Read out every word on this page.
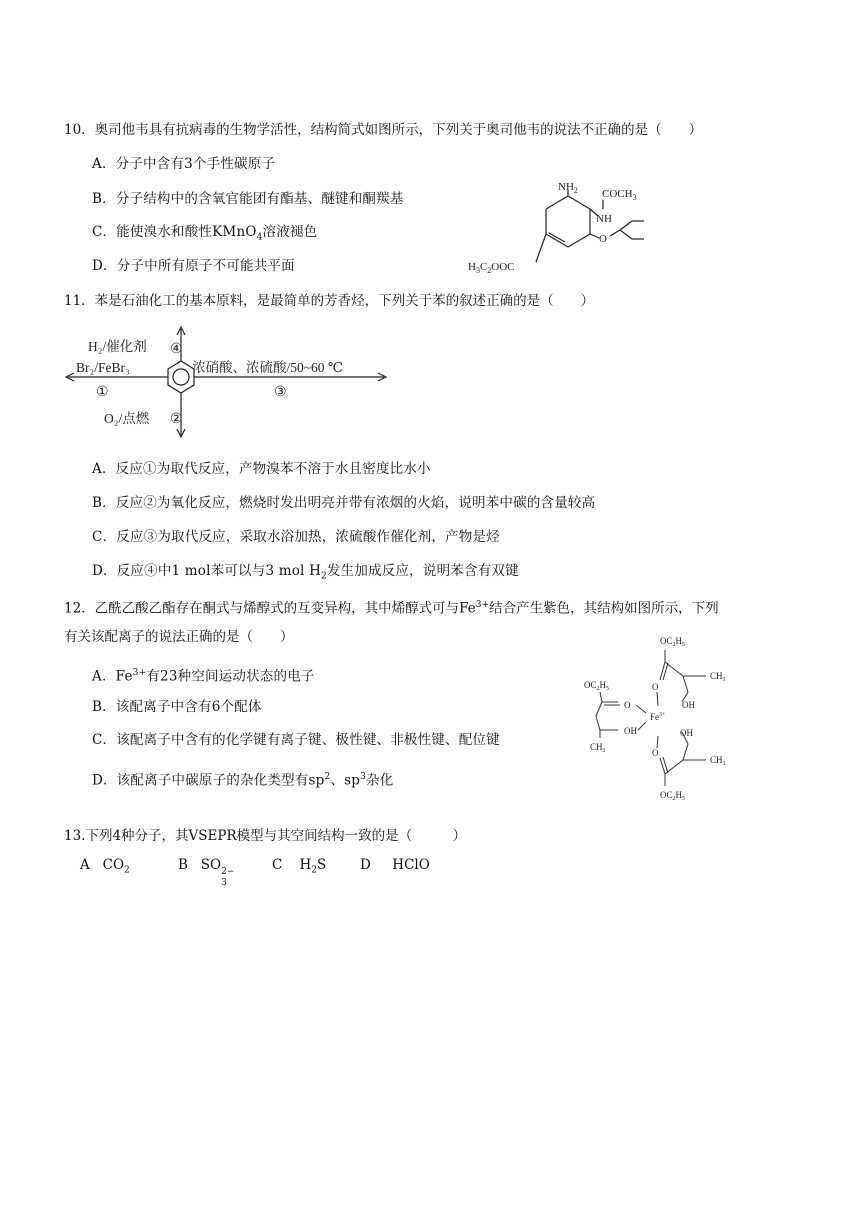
10．奥司他韦具有抗病毒的生物学活性，结构简式如图所示，下列关于奥司他韦的说法不正确的是（　　）
A．分子中含有3个手性碳原子
B．分子结构中的含氧官能团有酯基、醚键和酮羰基
C．能使溴水和酸性KMnO$_4$溶液褪色
D．分子中所有原子不可能共平面
$NH_2$ $COCH_3$
NH
O
$H_3C_2OOC$
11．苯是石油化工的基本原料，是最简单的芳香烃，下列关于苯的叙述正确的是（　　）
H₂/催化剂 ④
Br₂/FeBr₃
①
浓硝酸、浓硫酸/50~60 ℃
③
O₂/点燃 ②
A．反应①为取代反应，产物溴苯不溶于水且密度比水小
B．反应②为氧化反应，燃烧时发出明亮并带有浓烟的火焰，说明苯中碳的含量较高
C．反应③为取代反应，采取水浴加热，浓硫酸作催化剂，产物是烃
D．反应④中1 mol苯可以与3 mol $H_2$发生加成反应，说明苯含有双键
12．乙酰乙酸乙酯存在酮式与烯醇式的互变异构，其中烯醇式可与$Fe^{3+}$结合产生紫色，其结构如图所示，下列
有关该配离子的说法正确的是（　　）
A．$Fe^{3+}$有23种空间运动状态的电子
B．该配离子中含有6个配体
C．该配离子中含有的化学键有离子键、极性键、非极性键、配位键
D．该配离子中碳原子的杂化类型有$sp^2$、$sp^3$杂化
$OC_2H_5$
$CH_3$
O
OH
$OC_2H_5$
O
$Fe^{3+}$
OH
$CH_3$	O
OH
$CH_3$
$OC_2H_5$
13.下列4种分子，其VSEPR模型与其空间结构一致的是（　　　）
A $CO_2$	B SO 2−
3
C $H_2S$ D HClO
